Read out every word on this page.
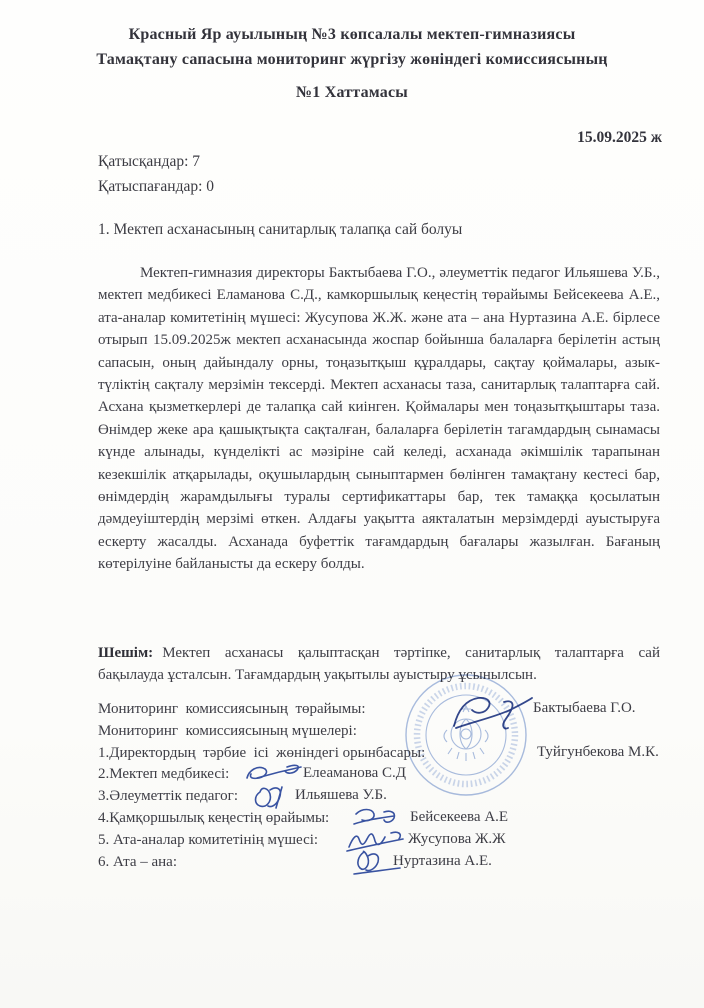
Красный Яр ауылының №3 көпсалалы мектеп-гимназиясы
Тамақтану сапасына мониторинг жүргізу жөніндегі комиссиясының
№1 Хаттамасы
15.09.2025 ж
Қатысқандар: 7
Қатыспағандар: 0
1. Мектеп асханасының санитарлық талапқа сай болуы
Мектеп-гимназия директоры Бактыбаева Г.О., әлеуметтік педагог Ильяшева У.Б., мектеп медбикесі Еламанова С.Д., камкоршылық кеңестің төрайымы Бейсекеева А.Е., ата-аналар комитетінің мүшесі: Жусупова Ж.Ж. және ата – ана Нуртазина А.Е. бірлесе отырып 15.09.2025ж мектеп асханасында жоспар бойынша балаларға берілетін астың сапасын, оның дайындалу орны, тоңазытқыш құралдары, сақтау қоймалары, азык-түліктің сақталу мерзімін тексерді. Мектеп асханасы таза, санитарлық талаптарға сай. Асхана қызметкерлері де талапқа сай киінген. Қоймалары мен тоңазытқыштары таза. Өнімдер жеке ара қашықтықта сақталған, балаларға берілетін тагамдардың сынамасы күнде алынады, күнделікті ас мәзіріне сай келеді, асханада әкімшілік тарапынан кезекшілік атқарылады, оқушылардың сыныптармен бөлінген тамақтану кестесі бар, өнімдердің жарамдылығы туралы сертификаттары бар, тек тамаққа қосылатын дәмдеуіштердің мерзімі өткен. Алдағы уақытта аякталатын мерзімдерді ауыстыруға ескерту жасалды. Асханада буфеттік тағамдардың бағалары жазылған. Бағаның көтерілуіне байланысты да ескеру болды.
Шешім: Мектеп асханасы қалыптасқан тәртіпке, санитарлық талаптарға сай бақылауда ұсталсын. Тағамдардың уақытылы ауыстыру ұсынылсын.
Мониторинг  комиссиясының  төрайымы:	Бактыбаева Г.О.
Мониторинг  комиссиясының мүшелері:
1.Директордың  тәрбие  ісі  жөніндегі орынбасары:	Туйгунбекова М.К.
2.Мектеп медбикесі:	Елеаманова С.Д
3.Әлеуметтік педагог:	Ильяшева У.Б.
4.Қамқоршылық кеңестің өрайымы:	Бейсекеева А.Е
5. Ата-аналар комитетінің мүшесі:	Жусупова Ж.Ж
6. Ата – ана:	Нуртазина А.Е.
